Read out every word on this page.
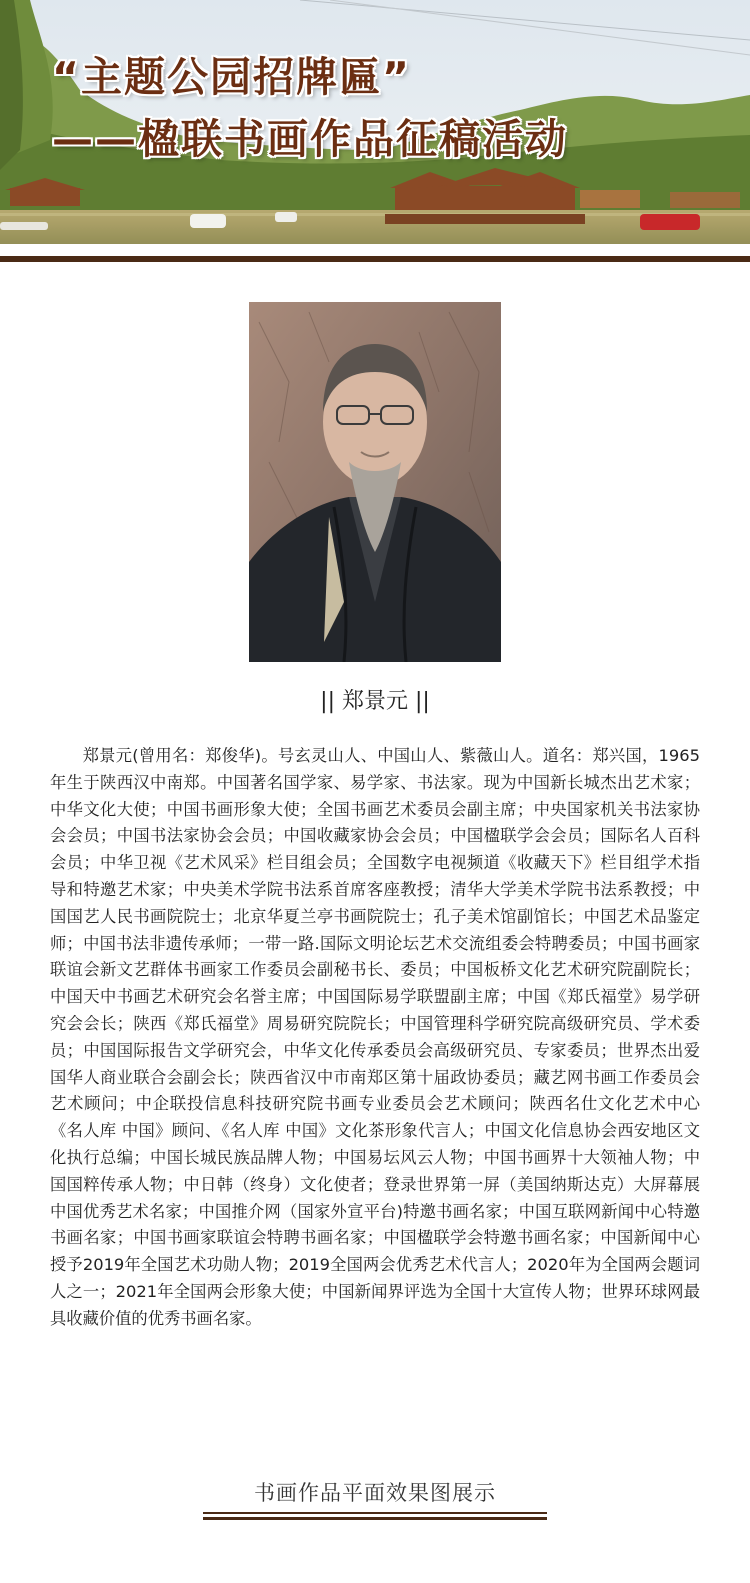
“主题公园招牌匾”
——楹联书画作品征稿活动
|| 郑景元 ||
郑景元(曾用名：郑俊华)。号玄灵山人、中国山人、紫薇山人。道名：郑兴国，1965年生于陕西汉中南郑。中国著名国学家、易学家、书法家。现为中国新长城杰出艺术家；中华文化大使；中国书画形象大使；全国书画艺术委员会副主席；中央国家机关书法家协会会员；中国书法家协会会员；中国收藏家协会会员；中国楹联学会会员；国际名人百科会员；中华卫视《艺术风采》栏目组会员；全国数字电视频道《收藏天下》栏目组学术指导和特邀艺术家；中央美术学院书法系首席客座教授；清华大学美术学院书法系教授；中国国艺人民书画院院士；北京华夏兰亭书画院院士；孔子美术馆副馆长；中国艺术品鉴定师；中国书法非遗传承师；一带一路.国际文明论坛艺术交流组委会特聘委员；中国书画家联谊会新文艺群体书画家工作委员会副秘书长、委员；中国板桥文化艺术研究院副院长；中国天中书画艺术研究会名誉主席；中国国际易学联盟副主席；中国《郑氏福堂》易学研究会会长；陕西《郑氏福堂》周易研究院院长；中国管理科学研究院高级研究员、学术委员；中国国际报告文学研究会，中华文化传承委员会高级研究员、专家委员；世界杰出爱国华人商业联合会副会长；陕西省汉中市南郑区第十届政协委员；藏艺网书画工作委员会艺术顾问；中企联投信息科技研究院书画专业委员会艺术顾问；陕西名仕文化艺术中心《名人库 中国》顾问、《名人库 中国》文化茶形象代言人；中国文化信息协会西安地区文化执行总编；中国长城民族品牌人物；中国易坛风云人物；中国书画界十大领袖人物；中国国粹传承人物；中日韩（终身）文化使者；登录世界第一屏（美国纳斯达克）大屏幕展中国优秀艺术名家；中国推介网（国家外宣平台)特邀书画名家；中国互联网新闻中心特邀书画名家；中国书画家联谊会特聘书画名家；中国楹联学会特邀书画名家；中国新闻中心授予2019年全国艺术功勋人物；2019全国两会优秀艺术代言人；2020年为全国两会题词人之一；2021年全国两会形象大使；中国新闻界评选为全国十大宣传人物；世界环球网最具收藏价值的优秀书画名家。
书画作品平面效果图展示
